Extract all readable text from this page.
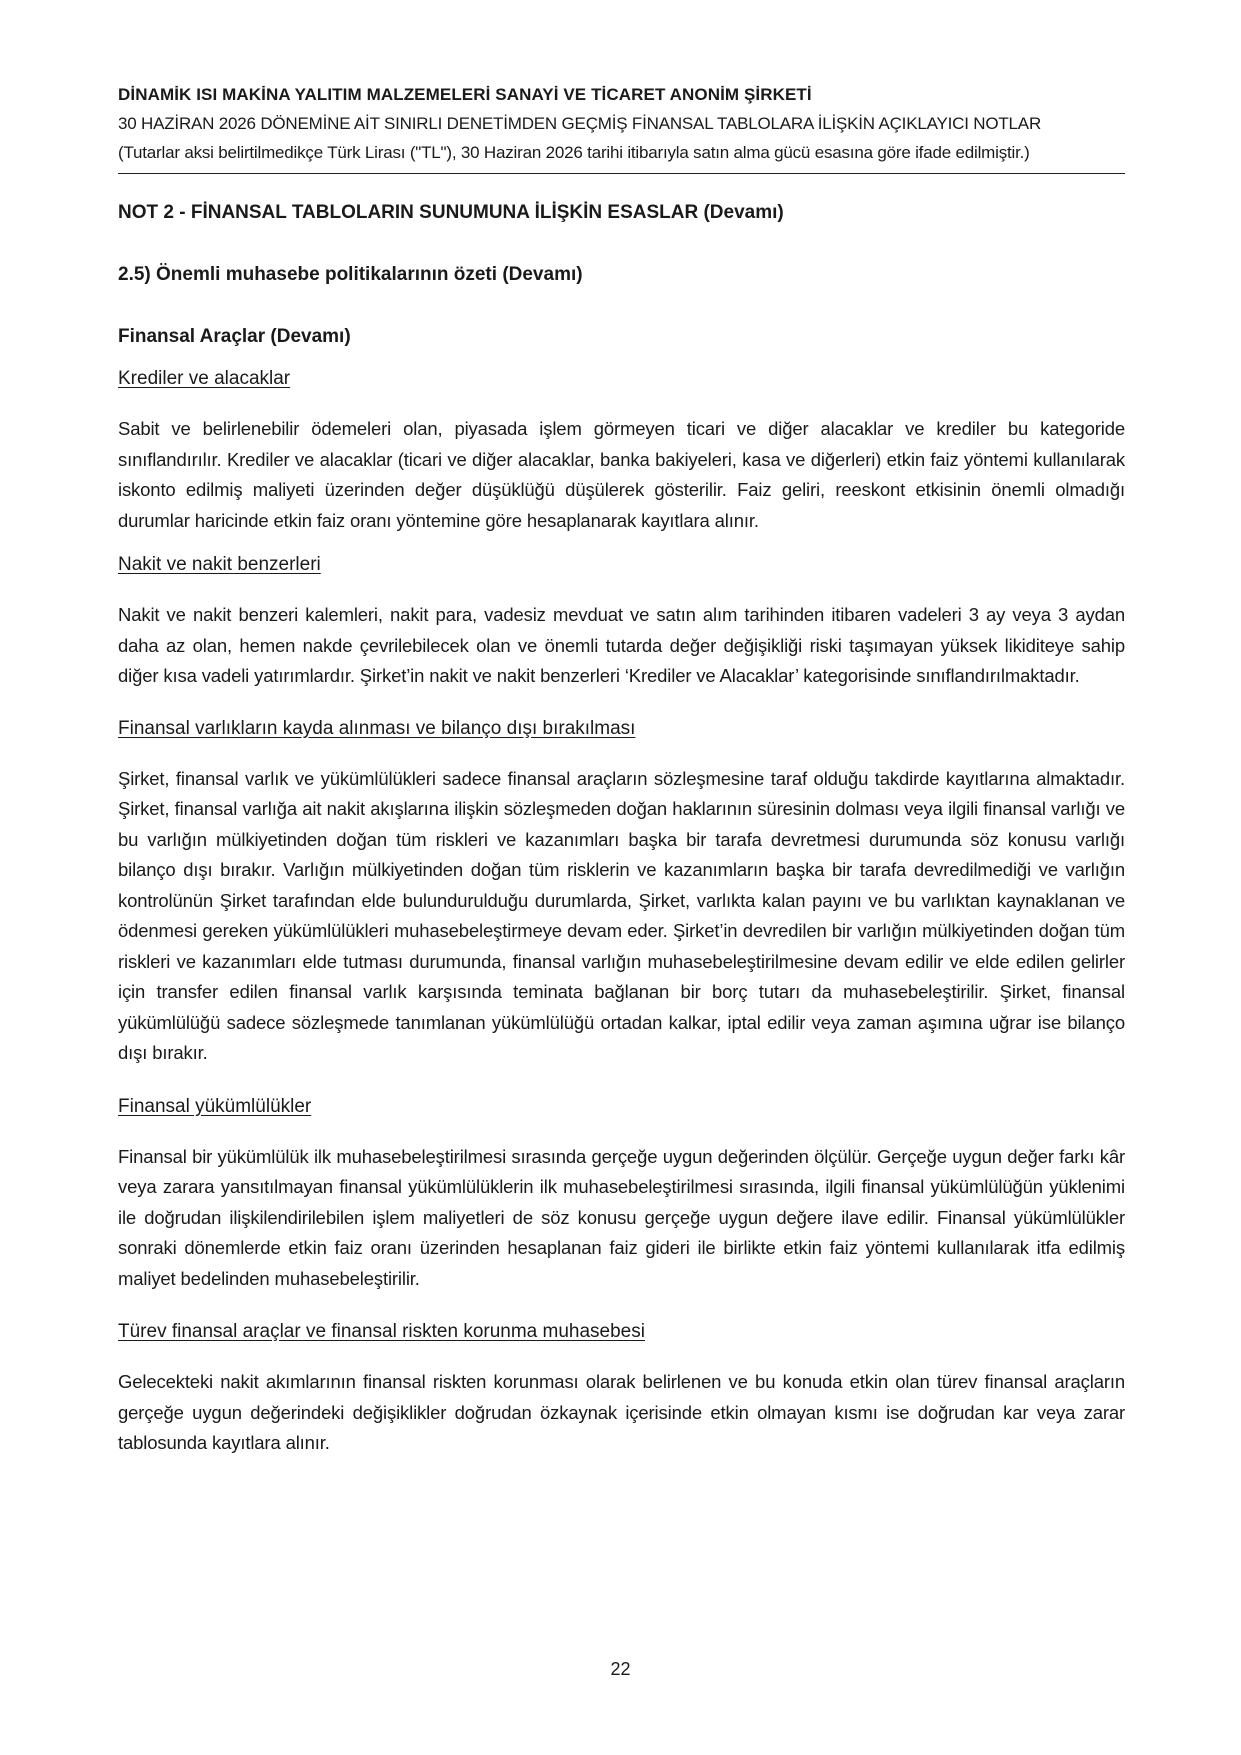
DİNAMİK ISI MAKİNA YALITIM MALZEMELERİ SANAYİ VE TİCARET ANONİM ŞİRKETİ
30 HAZİRAN 2026 DÖNEMİNE AİT SINIRLI DENETİMDEN GEÇMİŞ FİNANSAL TABLOLARA İLİŞKİN AÇIKLAYICI NOTLAR
(Tutarlar aksi belirtilmedikçe Türk Lirası ("TL"), 30 Haziran 2026 tarihi itibarıyla satın alma gücü esasına göre ifade edilmiştir.)
NOT 2 - FİNANSAL TABLOLARIN SUNUMUNA İLİŞKİN ESASLAR (Devamı)
2.5) Önemli muhasebe politikalarının özeti (Devamı)
Finansal Araçlar (Devamı)
Krediler ve alacaklar
Sabit ve belirlenebilir ödemeleri olan, piyasada işlem görmeyen ticari ve diğer alacaklar ve krediler bu kategoride sınıflandırılır. Krediler ve alacaklar (ticari ve diğer alacaklar, banka bakiyeleri, kasa ve diğerleri) etkin faiz yöntemi kullanılarak iskonto edilmiş maliyeti üzerinden değer düşüklüğü düşülerek gösterilir. Faiz geliri, reeskont etkisinin önemli olmadığı durumlar haricinde etkin faiz oranı yöntemine göre hesaplanarak kayıtlara alınır.
Nakit ve nakit benzerleri
Nakit ve nakit benzeri kalemleri, nakit para, vadesiz mevduat ve satın alım tarihinden itibaren vadeleri 3 ay veya 3 aydan daha az olan, hemen nakde çevrilebilecek olan ve önemli tutarda değer değişikliği riski taşımayan yüksek likiditeye sahip diğer kısa vadeli yatırımlardır. Şirket’in nakit ve nakit benzerleri ‘Krediler ve Alacaklar’ kategorisinde sınıflandırılmaktadır.
Finansal varlıkların kayda alınması ve bilanço dışı bırakılması
Şirket, finansal varlık ve yükümlülükleri sadece finansal araçların sözleşmesine taraf olduğu takdirde kayıtlarına almaktadır. Şirket, finansal varlığa ait nakit akışlarına ilişkin sözleşmeden doğan haklarının süresinin dolması veya ilgili finansal varlığı ve bu varlığın mülkiyetinden doğan tüm riskleri ve kazanımları başka bir tarafa devretmesi durumunda söz konusu varlığı bilanço dışı bırakır. Varlığın mülkiyetinden doğan tüm risklerin ve kazanımların başka bir tarafa devredilmediği ve varlığın kontrolünün Şirket tarafından elde bulundurulduğu durumlarda, Şirket, varlıkta kalan payını ve bu varlıktan kaynaklanan ve ödenmesi gereken yükümlülükleri muhasebeleştirmeye devam eder. Şirket’in devredilen bir varlığın mülkiyetinden doğan tüm riskleri ve kazanımları elde tutması durumunda, finansal varlığın muhasebeleştirilmesine devam edilir ve elde edilen gelirler için transfer edilen finansal varlık karşısında teminata bağlanan bir borç tutarı da muhasebeleştirilir. Şirket, finansal yükümlülüğü sadece sözleşmede tanımlanan yükümlülüğü ortadan kalkar, iptal edilir veya zaman aşımına uğrar ise bilanço dışı bırakır.
Finansal yükümlülükler
Finansal bir yükümlülük ilk muhasebeleştirilmesi sırasında gerçeğe uygun değerinden ölçülür. Gerçeğe uygun değer farkı kâr veya zarara yansıtılmayan finansal yükümlülüklerin ilk muhasebeleştirilmesi sırasında, ilgili finansal yükümlülüğün yüklenimi ile doğrudan ilişkilendirilebilen işlem maliyetleri de söz konusu gerçeğe uygun değere ilave edilir. Finansal yükümlülükler sonraki dönemlerde etkin faiz oranı üzerinden hesaplanan faiz gideri ile birlikte etkin faiz yöntemi kullanılarak itfa edilmiş maliyet bedelinden muhasebeleştirilir.
Türev finansal araçlar ve finansal riskten korunma muhasebesi
Gelecekteki nakit akımlarının finansal riskten korunması olarak belirlenen ve bu konuda etkin olan türev finansal araçların gerçeğe uygun değerindeki değişiklikler doğrudan özkaynak içerisinde etkin olmayan kısmı ise doğrudan kar veya zarar tablosunda kayıtlara alınır.
22
